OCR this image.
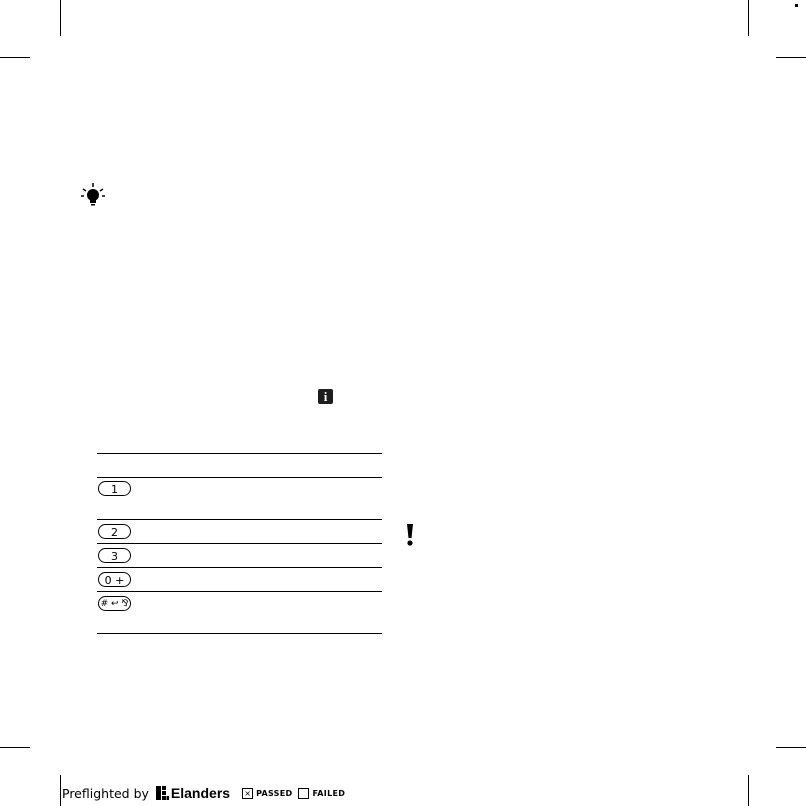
i
1
2
3
0 +
# ↩ ⅋
Preflighted by Elanders × PASSED	FAILED
